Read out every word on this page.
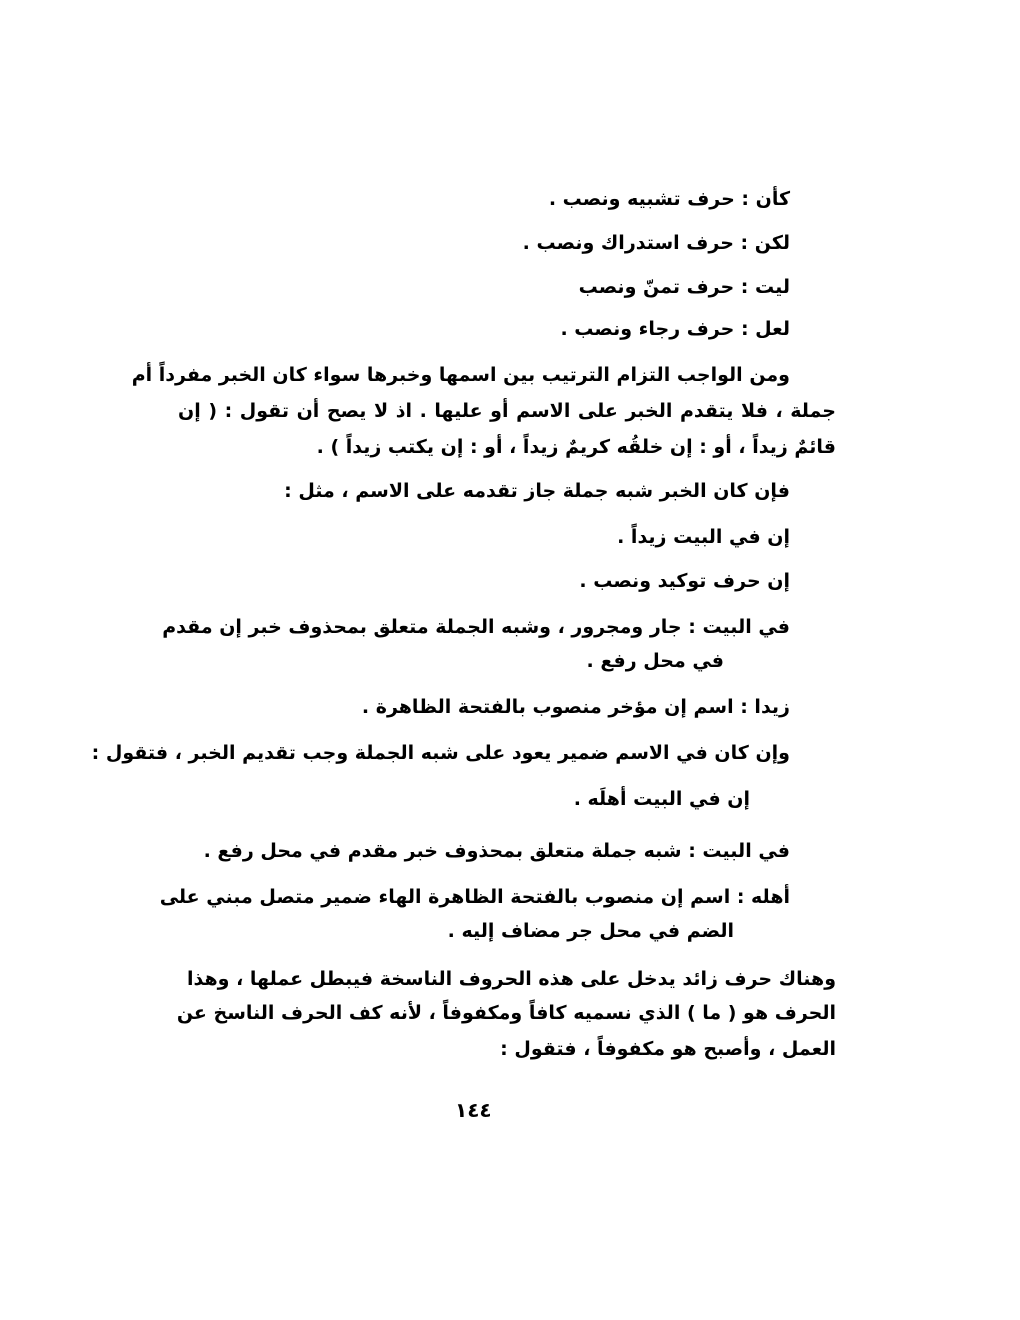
كأن : حرف تشبيه ونصب .
لكن : حرف استدراك ونصب .
ليت : حرف تمنّ ونصب
لعل : حرف رجاء ونصب .
ومن الواجب التزام الترتيب بين اسمها وخبرها سواء كان الخبر مفرداً أم
جملة ، فلا يتقدم الخبر على الاسم أو عليها . اذ لا يصح أن تقول : ( إن
قائمٌ زيداً ، أو : إن خلقُه كريمٌ زيداً ، أو : إن يكتب زيداً ) .
فإن كان الخبر شبه جملة جاز تقدمه على الاسم ، مثل :
إن في البيت زيداً .
إن حرف توكيد ونصب .
في البيت : جار ومجرور ، وشبه الجملة متعلق بمحذوف خبر إن مقدم
في محل رفع .
زيدا : اسم إن مؤخر منصوب بالفتحة الظاهرة .
وإن كان في الاسم ضمير يعود على شبه الجملة وجب تقديم الخبر ، فتقول :
إن في البيت أهلَه .
في البيت : شبه جملة متعلق بمحذوف خبر مقدم في محل رفع .
أهله : اسم إن منصوب بالفتحة الظاهرة الهاء ضمير متصل مبني على
الضم في محل جر مضاف إليه .
وهناك حرف زائد يدخل على هذه الحروف الناسخة فيبطل عملها ، وهذا
الحرف هو ( ما ) الذي نسميه كافاً ومكفوفاً ، لأنه كف الحرف الناسخ عن
العمل ، وأصبح هو مكفوفاً ، فتقول :
١٤٤
